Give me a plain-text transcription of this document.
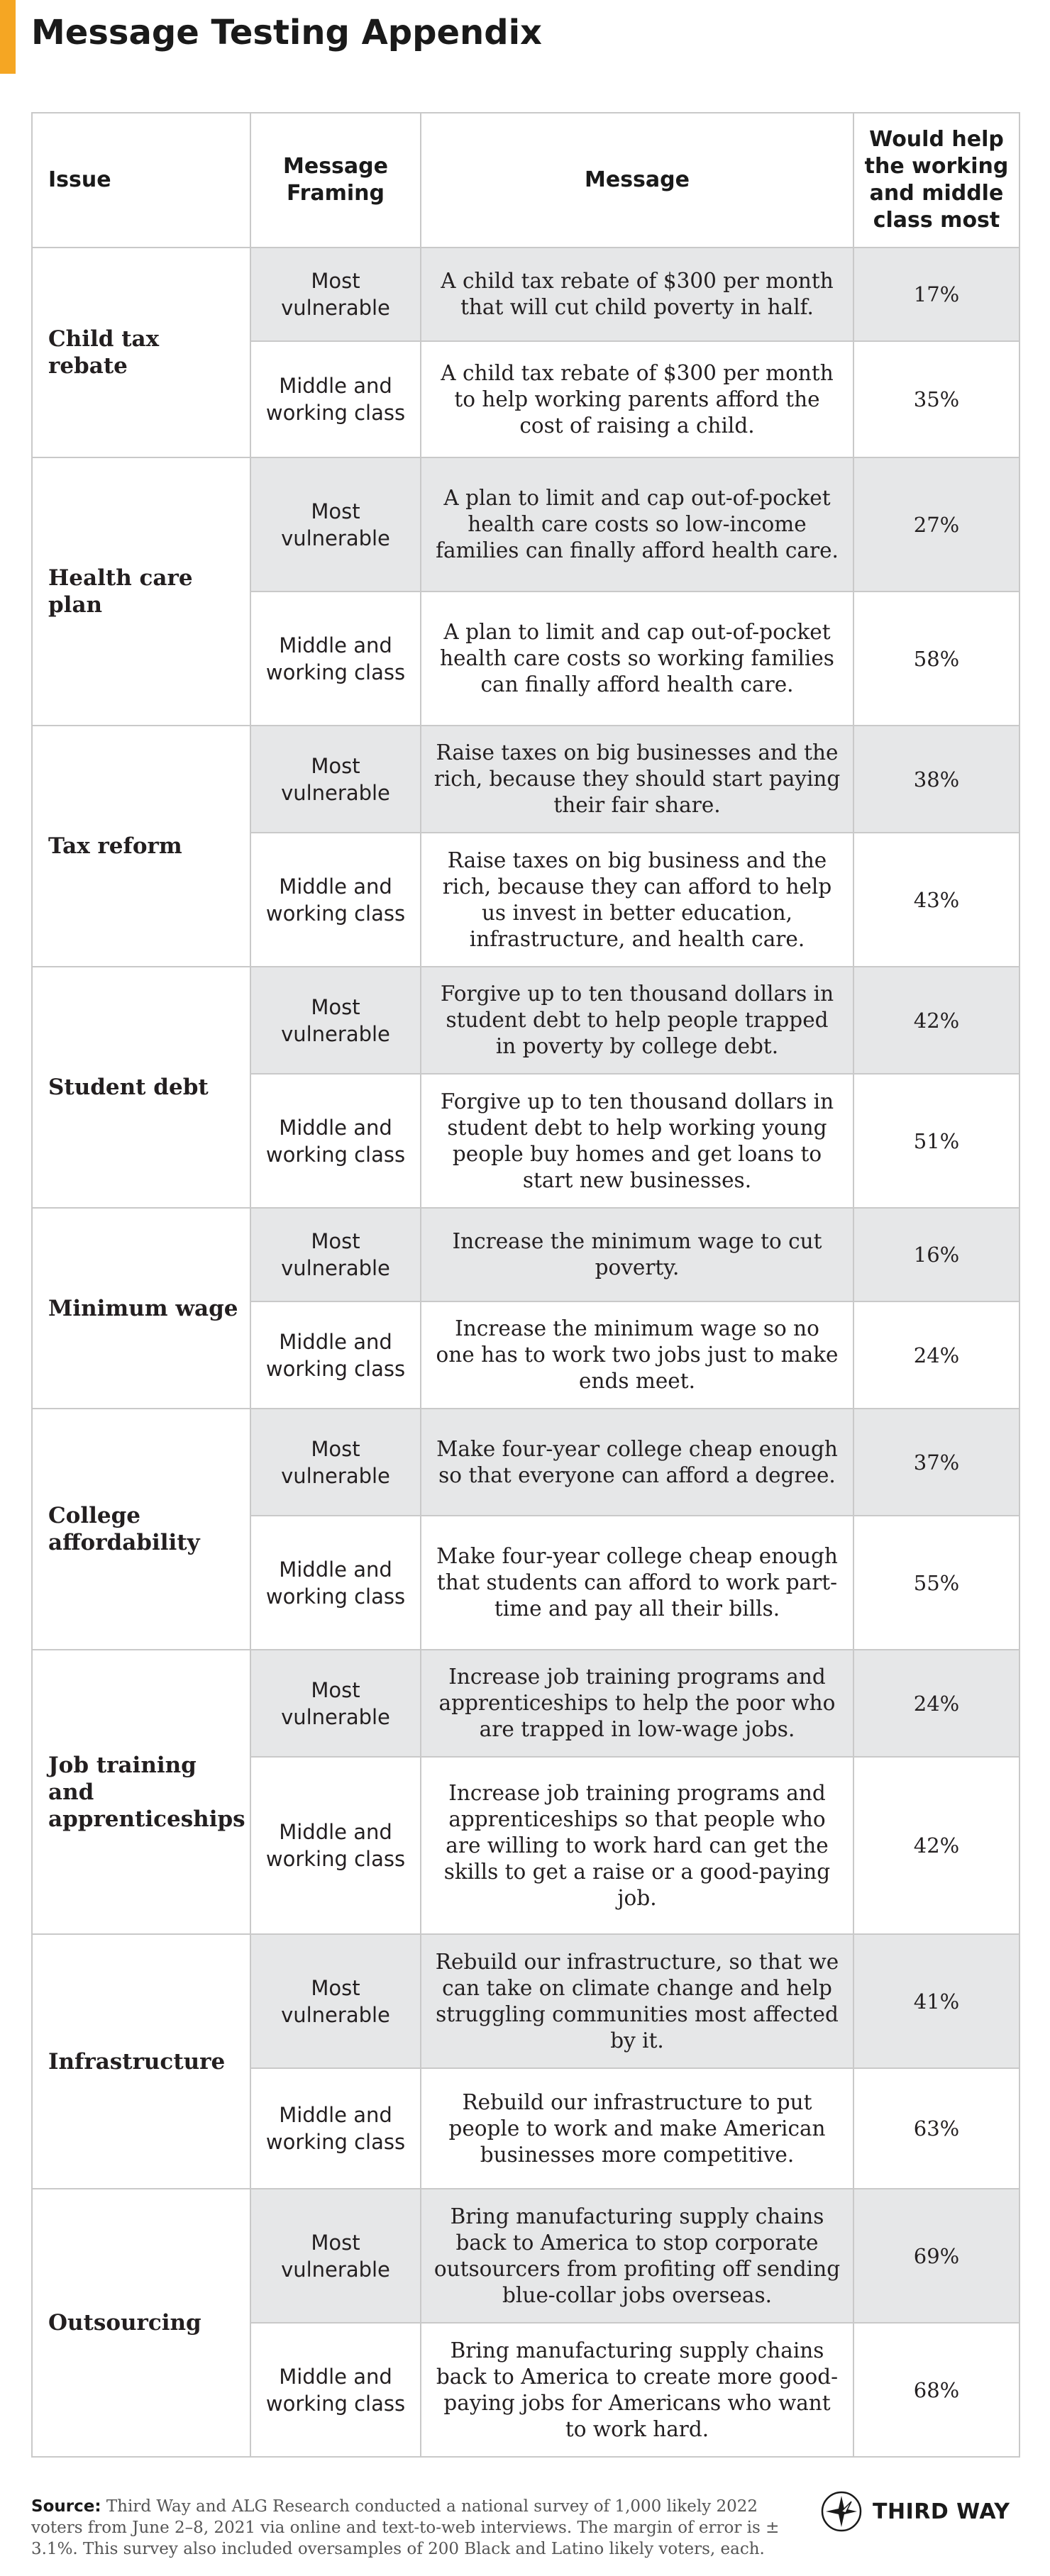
Message Testing Appendix
Issue	Message Framing	Message	Would help the working and middle class most
Child tax rebate	Most vulnerable	A child tax rebate of $300 per month that will cut child poverty in half.	17%
	Middle and working class	A child tax rebate of $300 per month to help working parents afford the cost of raising a child.	35%
Health care plan	Most vulnerable	A plan to limit and cap out-of-pocket health care costs so low-income families can finally afford health care.	27%
	Middle and working class	A plan to limit and cap out-of-pocket health care costs so working families can finally afford health care.	58%
Tax reform	Most vulnerable	Raise taxes on big businesses and the rich, because they should start paying their fair share.	38%
	Middle and working class	Raise taxes on big business and the rich, because they can afford to help us invest in better education, infrastructure, and health care.	43%
Student debt	Most vulnerable	Forgive up to ten thousand dollars in student debt to help people trapped in poverty by college debt.	42%
	Middle and working class	Forgive up to ten thousand dollars in student debt to help working young people buy homes and get loans to start new businesses.	51%
Minimum wage	Most vulnerable	Increase the minimum wage to cut poverty.	16%
	Middle and working class	Increase the minimum wage so no one has to work two jobs just to make ends meet.	24%
College affordability	Most vulnerable	Make four-year college cheap enough so that everyone can afford a degree.	37%
	Middle and working class	Make four-year college cheap enough that students can afford to work part-time and pay all their bills.	55%
Job training and apprenticeships	Most vulnerable	Increase job training programs and apprenticeships to help the poor who are trapped in low-wage jobs.	24%
	Middle and working class	Increase job training programs and apprenticeships so that people who are willing to work hard can get the skills to get a raise or a good-paying job.	42%
Infrastructure	Most vulnerable	Rebuild our infrastructure, so that we can take on climate change and help struggling communities most affected by it.	41%
	Middle and working class	Rebuild our infrastructure to put people to work and make American businesses more competitive.	63%
Outsourcing	Most vulnerable	Bring manufacturing supply chains back to America to stop corporate outsourcers from profiting off sending blue-collar jobs overseas.	69%
	Middle and working class	Bring manufacturing supply chains back to America to create more good-paying jobs for Americans who want to work hard.	68%

Source: Third Way and ALG Research conducted a national survey of 1,000 likely 2022 voters from June 2–8, 2021 via online and text-to-web interviews. The margin of error is ± 3.1%. This survey also included oversamples of 200 Black and Latino likely voters, each.

THIRD WAY
